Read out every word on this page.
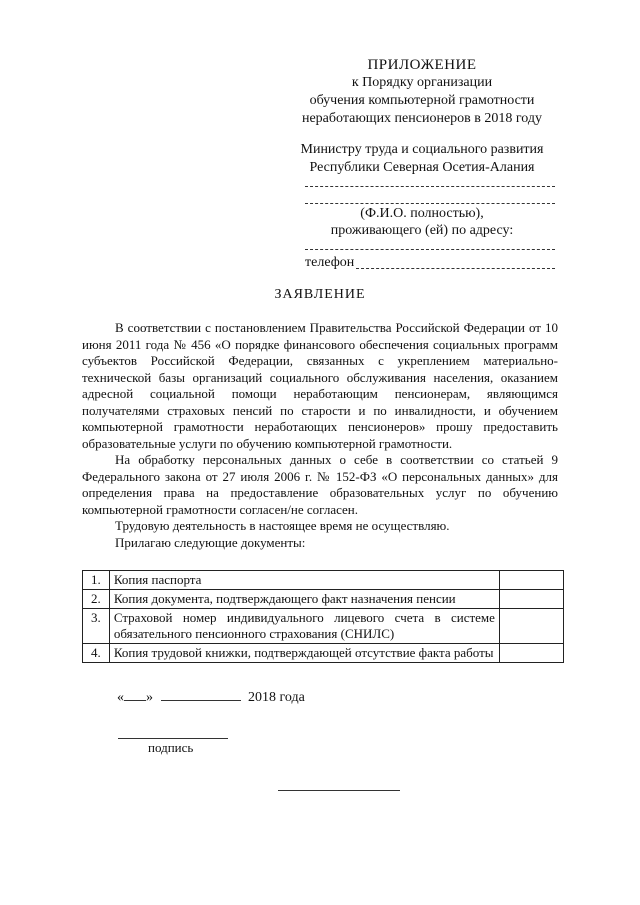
ПРИЛОЖЕНИЕ
к Порядку организации
обучения компьютерной грамотности
неработающих пенсионеров в 2018 году
Министру труда и социального развития
Республики Северная Осетия-Алания
(Ф.И.О. полностью),
проживающего (ей) по адресу:
телефон
ЗАЯВЛЕНИЕ

В соответствии с постановлением Правительства Российской Федерации от 10 июня 2011 года № 456 «О порядке финансового обеспечения социальных программ субъектов Российской Федерации, связанных с укреплением материально-технической базы организаций социального обслуживания населения, оказанием адресной социальной помощи неработающим пенсионерам, являющимся получателями страховых пенсий по старости и по инвалидности, и обучением компьютерной грамотности неработающих пенсионеров» прошу предоставить образовательные услуги по обучению компьютерной грамотности.

На обработку персональных данных о себе в соответствии со статьей 9 Федерального закона от 27 июля 2006 г. № 152-ФЗ «О персональных данных» для определения права на предоставление образовательных услуг по обучению компьютерной грамотности согласен/не согласен.

Трудовую деятельность в настоящее время не осуществляю.

Прилагаю следующие документы:

1.	Копия паспорта	
2.	Копия документа, подтверждающего факт назначения пенсии	
3.	Страховой номер индивидуального лицевого счета в системе обязательного пенсионного страхования (СНИЛС)	
4.	Копия трудовой книжки, подтверждающей отсутствие факта работы	
« »	2018 года
подпись
